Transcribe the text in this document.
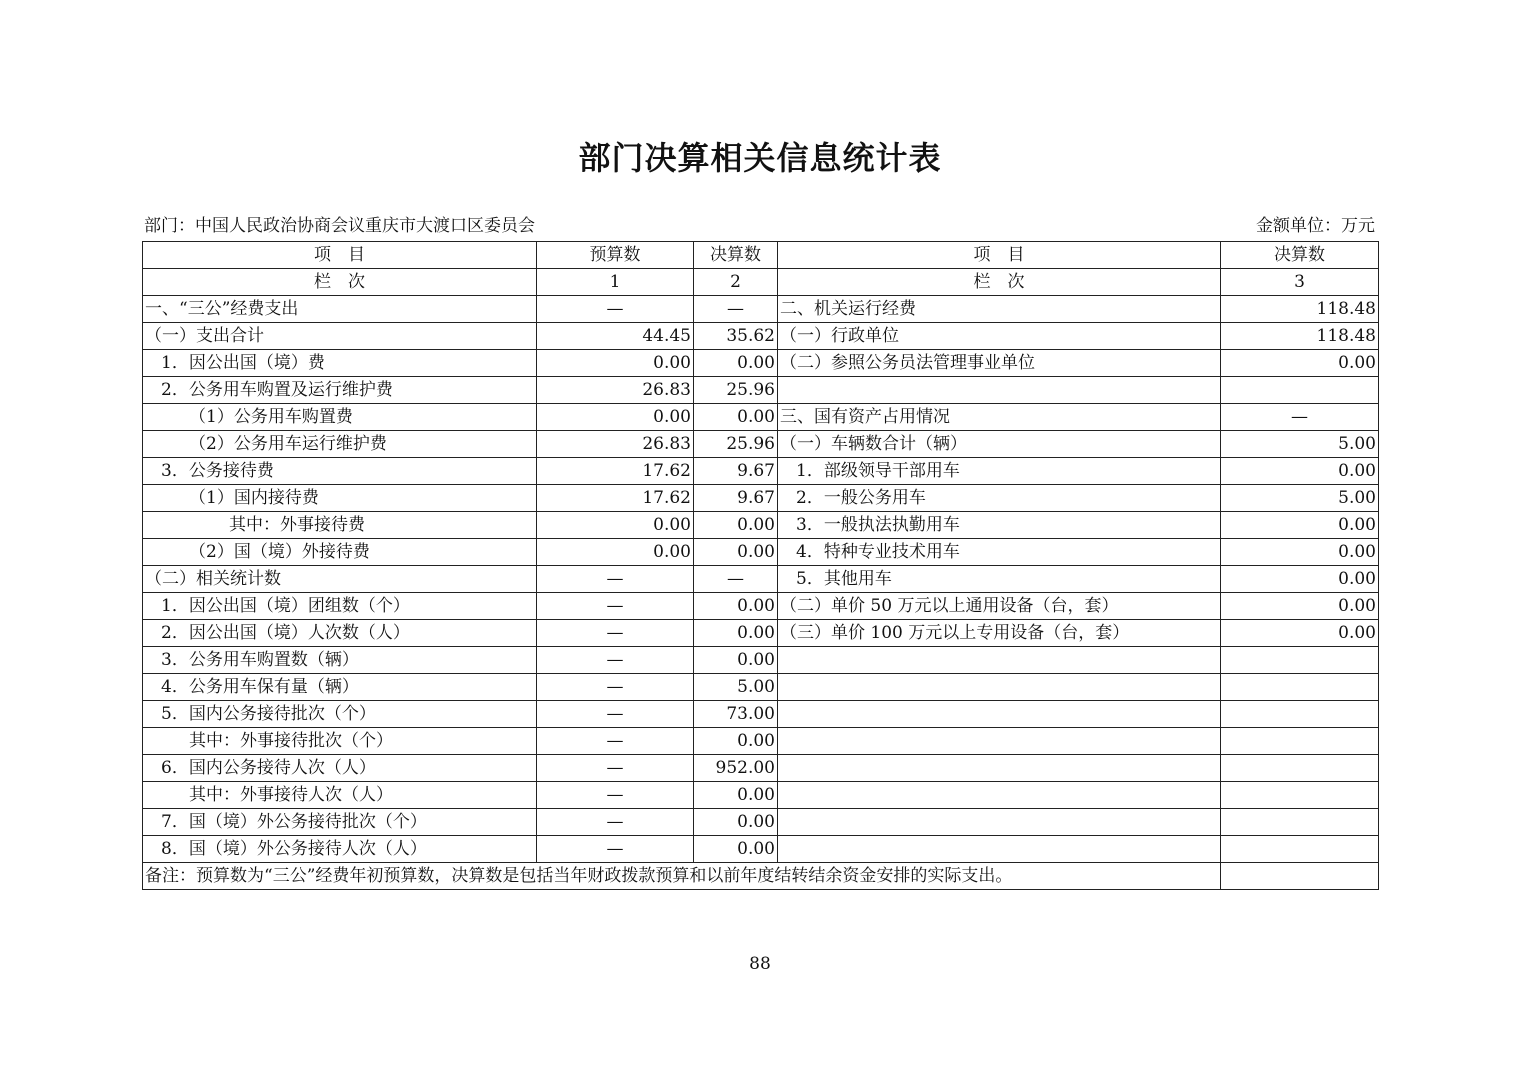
部门决算相关信息统计表
部门：中国人民政治协商会议重庆市大渡口区委员会	金额单位：万元
项　目	预算数	决算数	项　目	决算数
栏　次	1	2	栏　次	3
一、“三公”经费支出	—	—	二、机关运行经费	118.48
（一）支出合计	44.45	35.62	（一）行政单位	118.48
1．因公出国（境）费	0.00	0.00	（二）参照公务员法管理事业单位	0.00
2．公务用车购置及运行维护费	26.83	25.96		
（1）公务用车购置费	0.00	0.00	三、国有资产占用情况	—
（2）公务用车运行维护费	26.83	25.96	（一）车辆数合计（辆）	5.00
3．公务接待费	17.62	9.67	1．部级领导干部用车	0.00
（1）国内接待费	17.62	9.67	2．一般公务用车	5.00
其中：外事接待费	0.00	0.00	3．一般执法执勤用车	0.00
（2）国（境）外接待费	0.00	0.00	4．特种专业技术用车	0.00
（二）相关统计数	—	—	5．其他用车	0.00
1．因公出国（境）团组数（个）	—	0.00	（二）单价 50 万元以上通用设备（台，套）	0.00
2．因公出国（境）人次数（人）	—	0.00	（三）单价 100 万元以上专用设备（台，套）	0.00
3．公务用车购置数（辆）	—	0.00		
4．公务用车保有量（辆）	—	5.00		
5．国内公务接待批次（个）	—	73.00		
其中：外事接待批次（个）	—	0.00		
6．国内公务接待人次（人）	—	952.00		
其中：外事接待人次（人）	—	0.00		
7．国（境）外公务接待批次（个）	—	0.00		
8．国（境）外公务接待人次（人）	—	0.00		
备注：预算数为“三公”经费年初预算数，决算数是包括当年财政拨款预算和以前年度结转结余资金安排的实际支出。				
88
